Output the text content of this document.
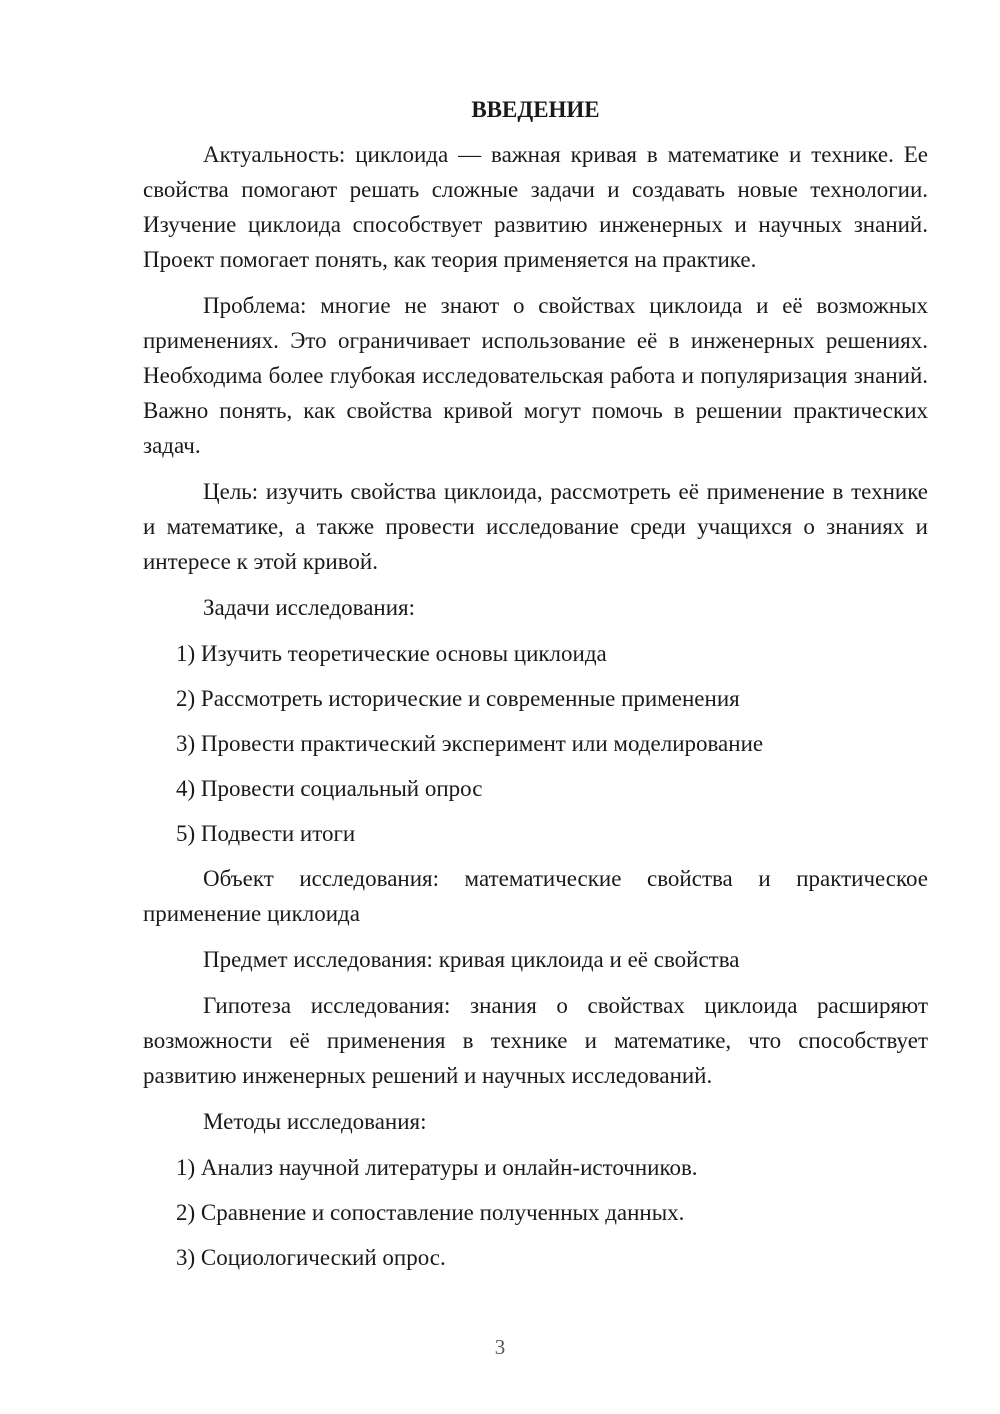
ВВЕДЕНИЕ

Актуальность: циклоида — важная кривая в математике и технике. Ее свойства помогают решать сложные задачи и создавать новые технологии. Изучение циклоида способствует развитию инженерных и научных знаний. Проект помогает понять, как теория применяется на практике.

Проблема: многие не знают о свойствах циклоида и её возможных применениях. Это ограничивает использование её в инженерных решениях. Необходима более глубокая исследовательская работа и популяризация знаний. Важно понять, как свойства кривой могут помочь в решении практических задач.

Цель: изучить свойства циклоида, рассмотреть её применение в технике и математике, а также провести исследование среди учащихся о знаниях и интересе к этой кривой.

Задачи исследования:

1) Изучить теоретические основы циклоида
2) Рассмотреть исторические и современные применения
3) Провести практический эксперимент или моделирование
4) Провести социальный опрос
5) Подвести итоги

Объект исследования: математические свойства и практическое применение циклоида

Предмет исследования: кривая циклоида и её свойства

Гипотеза исследования: знания о свойствах циклоида расширяют возможности её применения в технике и математике, что способствует развитию инженерных решений и научных исследований.

Методы исследования:

1) Анализ научной литературы и онлайн-источников.
2) Сравнение и сопоставление полученных данных.
3) Социологический опрос.
3
